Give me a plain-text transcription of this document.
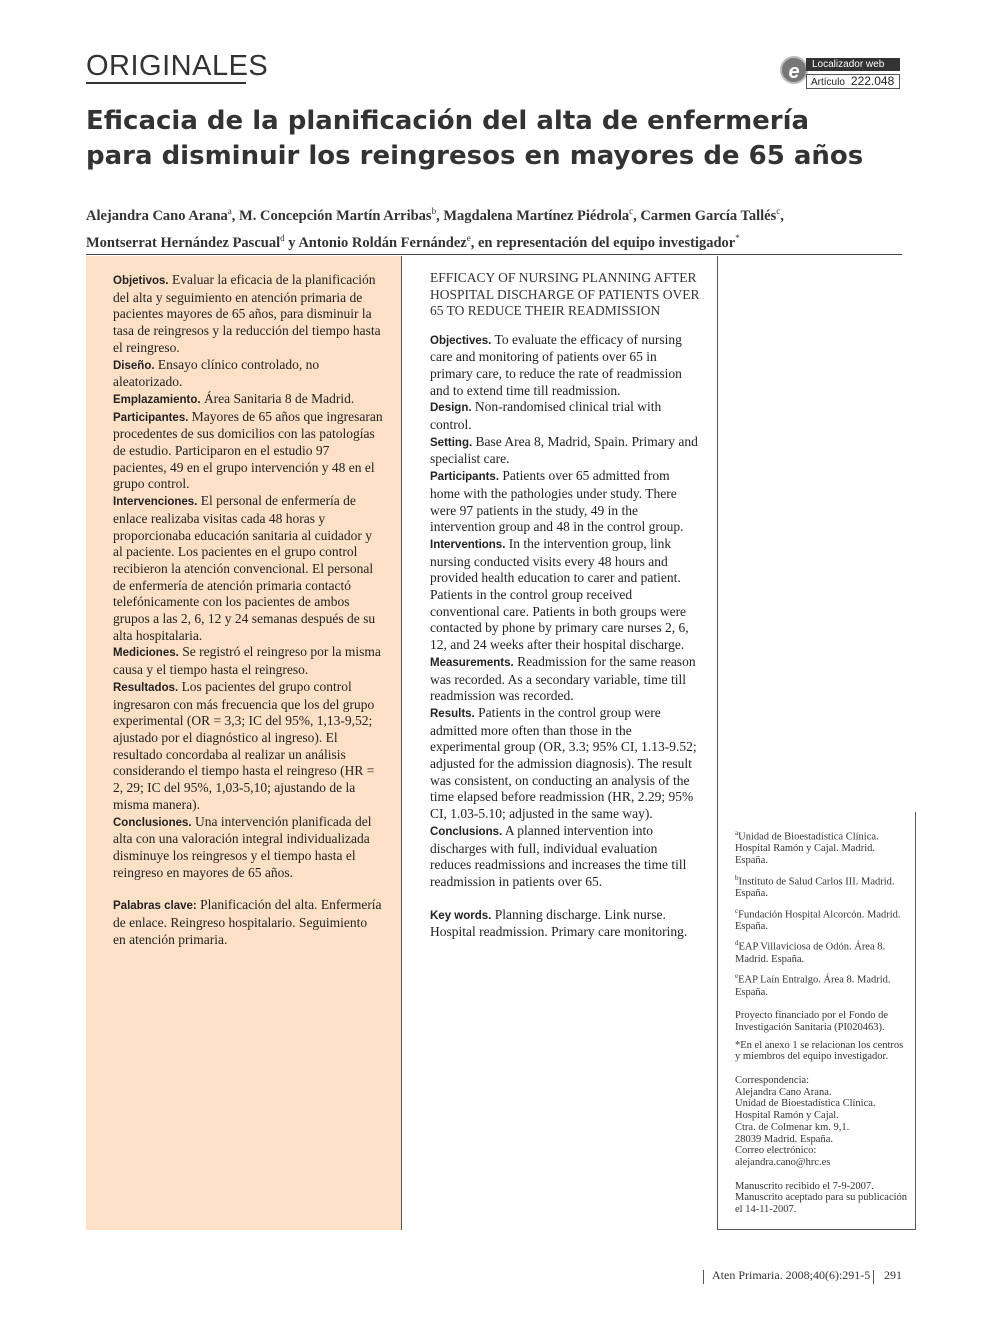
ORIGINALES	e	Localizador web
Artículo 222.048
Eficacia de la planificación del alta de enfermería
para disminuir los reingresos en mayores de 65 años
Alejandra Cano Arana$^a$, M. Concepción Martín Arribas$^b$, Magdalena Martínez Piédrola$^c$, Carmen García Tallés$^c$,
Montserrat Hernández Pascual$^d$ y Antonio Roldán Fernández$^e$, en representación del equipo investigador*

Objetivos. Evaluar la eficacia de la planificación del alta y seguimiento en atención primaria de pacientes mayores de 65 años, para disminuir la tasa de reingresos y la reducción del tiempo hasta el reingreso.

Diseño. Ensayo clínico controlado, no aleatorizado.

Emplazamiento. Área Sanitaria 8 de Madrid.

Participantes. Mayores de 65 años que ingresaran procedentes de sus domicilios con las patologías de estudio. Participaron en el estudio 97 pacientes, 49 en el grupo intervención y 48 en el grupo control.

Intervenciones. El personal de enfermería de enlace realizaba visitas cada 48 horas y proporcionaba educación sanitaria al cuidador y al paciente. Los pacientes en el grupo control recibieron la atención convencional. El personal de enfermería de atención primaria contactó telefónicamente con los pacientes de ambos grupos a las 2, 6, 12 y 24 semanas después de su alta hospitalaria.

Mediciones. Se registró el reingreso por la misma causa y el tiempo hasta el reingreso.

Resultados. Los pacientes del grupo control ingresaron con más frecuencia que los del grupo experimental (OR = 3,3; IC del 95%, 1,13-9,52; ajustado por el diagnóstico al ingreso). El resultado concordaba al realizar un análisis considerando el tiempo hasta el reingreso (HR = 2, 29; IC del 95%, 1,03-5,10; ajustando de la misma manera).

Conclusiones. Una intervención planificada del alta con una valoración integral individualizada disminuye los reingresos y el tiempo hasta el reingreso en mayores de 65 años.

Palabras clave: Planificación del alta. Enfermería de enlace. Reingreso hospitalario. Seguimiento en atención primaria.

EFFICACY OF NURSING PLANNING AFTER HOSPITAL DISCHARGE OF PATIENTS OVER 65 TO REDUCE THEIR READMISSION

Objectives. To evaluate the efficacy of nursing care and monitoring of patients over 65 in primary care, to reduce the rate of readmission and to extend time till readmission.

Design. Non-randomised clinical trial with control.

Setting. Base Area 8, Madrid, Spain. Primary and specialist care.

Participants. Patients over 65 admitted from home with the pathologies under study. There were 97 patients in the study, 49 in the intervention group and 48 in the control group.

Interventions. In the intervention group, link nursing conducted visits every 48 hours and provided health education to carer and patient. Patients in the control group received conventional care. Patients in both groups were contacted by phone by primary care nurses 2, 6, 12, and 24 weeks after their hospital discharge.

Measurements. Readmission for the same reason was recorded. As a secondary variable, time till readmission was recorded.

Results. Patients in the control group were admitted more often than those in the experimental group (OR, 3.3; 95% CI, 1.13-9.52; adjusted for the admission diagnosis). The result was consistent, on conducting an analysis of the time elapsed before readmission (HR, 2.29; 95% CI, 1.03-5.10; adjusted in the same way).

Conclusions. A planned intervention into discharges with full, individual evaluation reduces readmissions and increases the time till readmission in patients over 65.

Key words. Planning discharge. Link nurse. Hospital readmission. Primary care monitoring.

$^a$Unidad de Bioestadística Clínica. Hospital Ramón y Cajal. Madrid. España.

$^b$Instituto de Salud Carlos III. Madrid. España.

$^c$Fundación Hospital Alcorcón. Madrid. España.

$^d$EAP Villaviciosa de Odón. Área 8. Madrid. España.

$^e$EAP Laín Entralgo. Área 8. Madrid. España.

Proyecto financiado por el Fondo de Investigación Sanitaria (PI020463).

*En el anexo 1 se relacionan los centros y miembros del equipo investigador.

Correspondencia:

Alejandra Cano Arana.

Unidad de Bioestadística Clínica.

Hospital Ramón y Cajal.

Ctra. de Colmenar km. 9,1.

28039 Madrid. España.

Correo electrónico:

alejandra.cano@hrc.es

Manuscrito recibido el 7-9-2007.

Manuscrito aceptado para su publicación el 14-11-2007.

Aten Primaria. 2008;40(6):291-5 291
